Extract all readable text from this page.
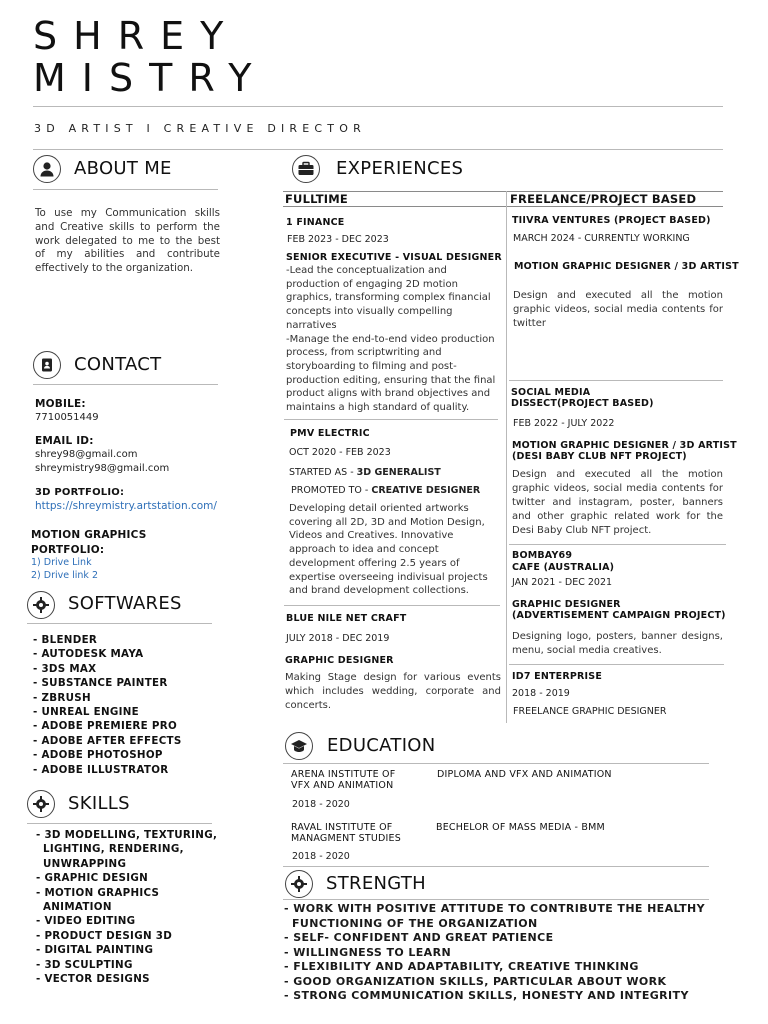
SHREY
MISTRY
3D ARTIST I CREATIVE DIRECTOR
ABOUT ME
To use my Communication skills and Creative skills to perform the work delegated to me to the best of my abilities and contribute effectively to the organization.
CONTACT
MOBILE:
7710051449
EMAIL ID:
shrey98@gmail.com
shreymistry98@gmail.com
3D PORTFOLIO:
https://shreymistry.artstation.com/
MOTION GRAPHICS
PORTFOLIO:
1) Drive Link
2) Drive link 2
SOFTWARES
- BLENDER
- AUTODESK MAYA
- 3DS MAX
- SUBSTANCE PAINTER
- ZBRUSH
- UNREAL ENGINE
- ADOBE PREMIERE PRO
- ADOBE AFTER EFFECTS
- ADOBE PHOTOSHOP
- ADOBE ILLUSTRATOR
SKILLS
- 3D MODELLING, TEXTURING,
LIGHTING, RENDERING,
UNWRAPPING
- GRAPHIC DESIGN
- MOTION GRAPHICS
ANIMATION
- VIDEO EDITING
- PRODUCT DESIGN 3D
- DIGITAL PAINTING
- 3D SCULPTING
- VECTOR DESIGNS
EXPERIENCES
FULLTIME	FREELANCE/PROJECT BASED
1 FINANCE
FEB 2023 - DEC 2023
SENIOR EXECUTIVE - VISUAL DESIGNER
-Lead the conceptualization and production of engaging 2D motion graphics, transforming complex financial concepts into visually compelling narratives
-Manage the end-to-end video production process, from scriptwriting and storyboarding to filming and post-production editing, ensuring that the final product aligns with brand objectives and maintains a high standard of quality.
PMV ELECTRIC
OCT 2020 - FEB 2023
STARTED AS - 3D GENERALIST
PROMOTED TO - CREATIVE DESIGNER
Developing detail oriented artworks covering all 2D, 3D and Motion Design, Videos and Creatives. Innovative approach to idea and concept development offering 2.5 years of expertise overseeing indivisual projects and brand development collections.
BLUE NILE NET CRAFT
JULY 2018 - DEC 2019
GRAPHIC DESIGNER
Making Stage design for various events which includes wedding, corporate and concerts.
TIIVRA VENTURES (PROJECT BASED)
MARCH 2024 - CURRENTLY WORKING
MOTION GRAPHIC DESIGNER / 3D ARTIST
Design and executed all the motion graphic videos, social media contents for twitter
SOCIAL MEDIA
DISSECT(PROJECT BASED)
FEB 2022 - JULY 2022
MOTION GRAPHIC DESIGNER / 3D ARTIST
(DESI BABY CLUB NFT PROJECT)
Design and executed all the motion graphic videos, social media contents for twitter and instagram, poster, banners and other graphic related work for the Desi Baby Club NFT project.
BOMBAY69
CAFE (AUSTRALIA)
JAN 2021 - DEC 2021
GRAPHIC DESIGNER
(ADVERTISEMENT CAMPAIGN PROJECT)
Designing logo, posters, banner designs, menu, social media creatives.
ID7 ENTERPRISE
2018 - 2019
FREELANCE GRAPHIC DESIGNER
EDUCATION
ARENA INSTITUTE OF
VFX AND ANIMATION
DIPLOMA AND VFX AND ANIMATION
2018 - 2020
RAVAL INSTITUTE OF
MANAGMENT STUDIES
BECHELOR OF MASS MEDIA - BMM
2018 - 2020
STRENGTH
- WORK WITH POSITIVE ATTITUDE TO CONTRIBUTE THE HEALTHY
FUNCTIONING OF THE ORGANIZATION
- SELF- CONFIDENT AND GREAT PATIENCE
- WILLINGNESS TO LEARN
- FLEXIBILITY AND ADAPTABILITY, CREATIVE THINKING
- GOOD ORGANIZATION SKILLS, PARTICULAR ABOUT WORK
- STRONG COMMUNICATION SKILLS, HONESTY AND INTEGRITY
